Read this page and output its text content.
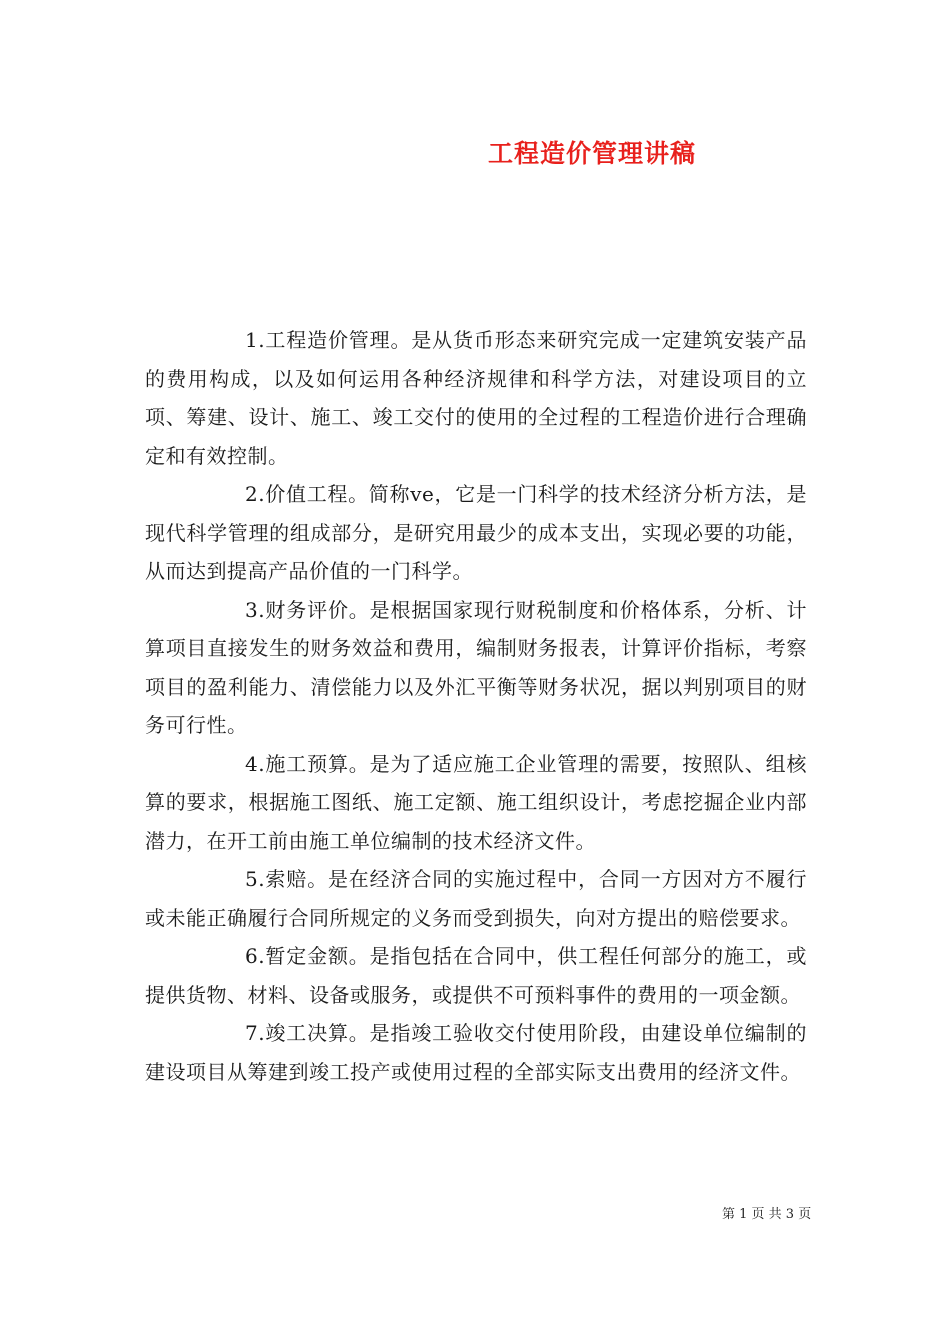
工程造价管理讲稿

1.工程造价管理。是从货币形态来研究完成一定建筑安装产品的费用构成，以及如何运用各种经济规律和科学方法，对建设项目的立项、筹建、设计、施工、竣工交付的使用的全过程的工程造价进行合理确定和有效控制。

2.价值工程。简称ve，它是一门科学的技术经济分析方法，是现代科学管理的组成部分，是研究用最少的成本支出，实现必要的功能，从而达到提高产品价值的一门科学。

3.财务评价。是根据国家现行财税制度和价格体系，分析、计算项目直接发生的财务效益和费用，编制财务报表，计算评价指标，考察项目的盈利能力、清偿能力以及外汇平衡等财务状况，据以判别项目的财务可行性。

4.施工预算。是为了适应施工企业管理的需要，按照队、组核算的要求，根据施工图纸、施工定额、施工组织设计，考虑挖掘企业内部潜力，在开工前由施工单位编制的技术经济文件。

5.索赔。是在经济合同的实施过程中，合同一方因对方不履行或未能正确履行合同所规定的义务而受到损失，向对方提出的赔偿要求。

6.暂定金额。是指包括在合同中，供工程任何部分的施工，或提供货物、材料、设备或服务，或提供不可预料事件的费用的一项金额。

7.竣工决算。是指竣工验收交付使用阶段，由建设单位编制的建设项目从筹建到竣工投产或使用过程的全部实际支出费用的经济文件。

第 1 页 共 3 页
